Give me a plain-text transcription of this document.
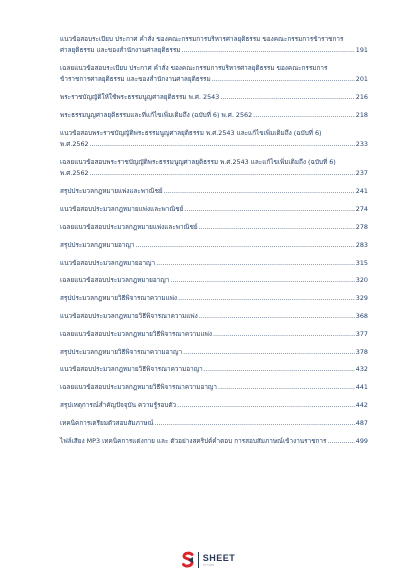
แนวข้อสอบระเบียบ ประกาศ คำสั่ง ของคณะกรรมการบริหารศาลยุติธรรม ของคณะกรรมการข้าราชการ
ศาลยุติธรรม และของสำนักงานศาลยุติธรรม .....	191
เฉลยแนวข้อสอบระเบียบ ประกาศ คำสั่ง ของคณะกรรมการบริหารศาลยุติธรรม ของคณะกรรมการ
ข้าราชการศาลยุติธรรม และของสำนักงานศาลยุติธรรม .....	201
พระราชบัญญัติให้ใช้พระธรรมนูญศาลยุติธรรม พ.ศ. 2543 .....	216
พระธรรมนูญศาลยุติธรรมและที่แก้ไขเพิ่มเติมถึง (ฉบับที่ 6) พ.ศ. 2562 .....	218
แนวข้อสอบพระราชบัญญัติพระธรรมนูญศาลยุติธรรม พ.ศ.2543 และแก้ไขเพิ่มเติมถึง (ฉบับที่ 6)
พ.ศ.2562 .....	233
เฉลยแนวข้อสอบพระราชบัญญัติพระธรรมนูญศาลยุติธรรม พ.ศ.2543 และแก้ไขเพิ่มเติมถึง (ฉบับที่ 6)
พ.ศ.2562 .....	237
สรุปประมวลกฎหมายแพ่งและพาณิชย์ .....	241
แนวข้อสอบประมวลกฎหมายแพ่งและพาณิชย์ .....	274
เฉลยแนวข้อสอบประมวลกฎหมายแพ่งและพาณิชย์ .....	278
สรุปประมวลกฎหมายอาญา .....	283
แนวข้อสอบประมวลกฎหมายอาญา .....	315
เฉลยแนวข้อสอบประมวลกฎหมายอาญา .....	320
สรุปประมวลกฎหมายวิธีพิจารณาความแพ่ง .....	329
แนวข้อสอบประมวลกฎหมายวิธีพิจารณาความแพ่ง .....	368
เฉลยแนวข้อสอบประมวลกฎหมายวิธีพิจารณาความแพ่ง .....	377
สรุปประมวลกฎหมายวิธีพิจารณาความอาญา .....	378
แนวข้อสอบประมวลกฎหมายวิธีพิจารณาความอาญา .....	432
เฉลยแนวข้อสอบประมวลกฎหมายวิธีพิจารณาความอาญา .....	441
สรุปเหตุการณ์สำคัญปัจจุบัน ความรู้รอบตัว .....	442
เทคนิคการเตรียมตัวสอบสัมภาษณ์ .....	487
ไฟล์เสียง MP3 เทคนิคการแต่งกาย และ ตัวอย่างสคริปต์คำตอบ การสอบสัมภาษณ์เข้างานราชการ .....	499
SHEET
STORE
